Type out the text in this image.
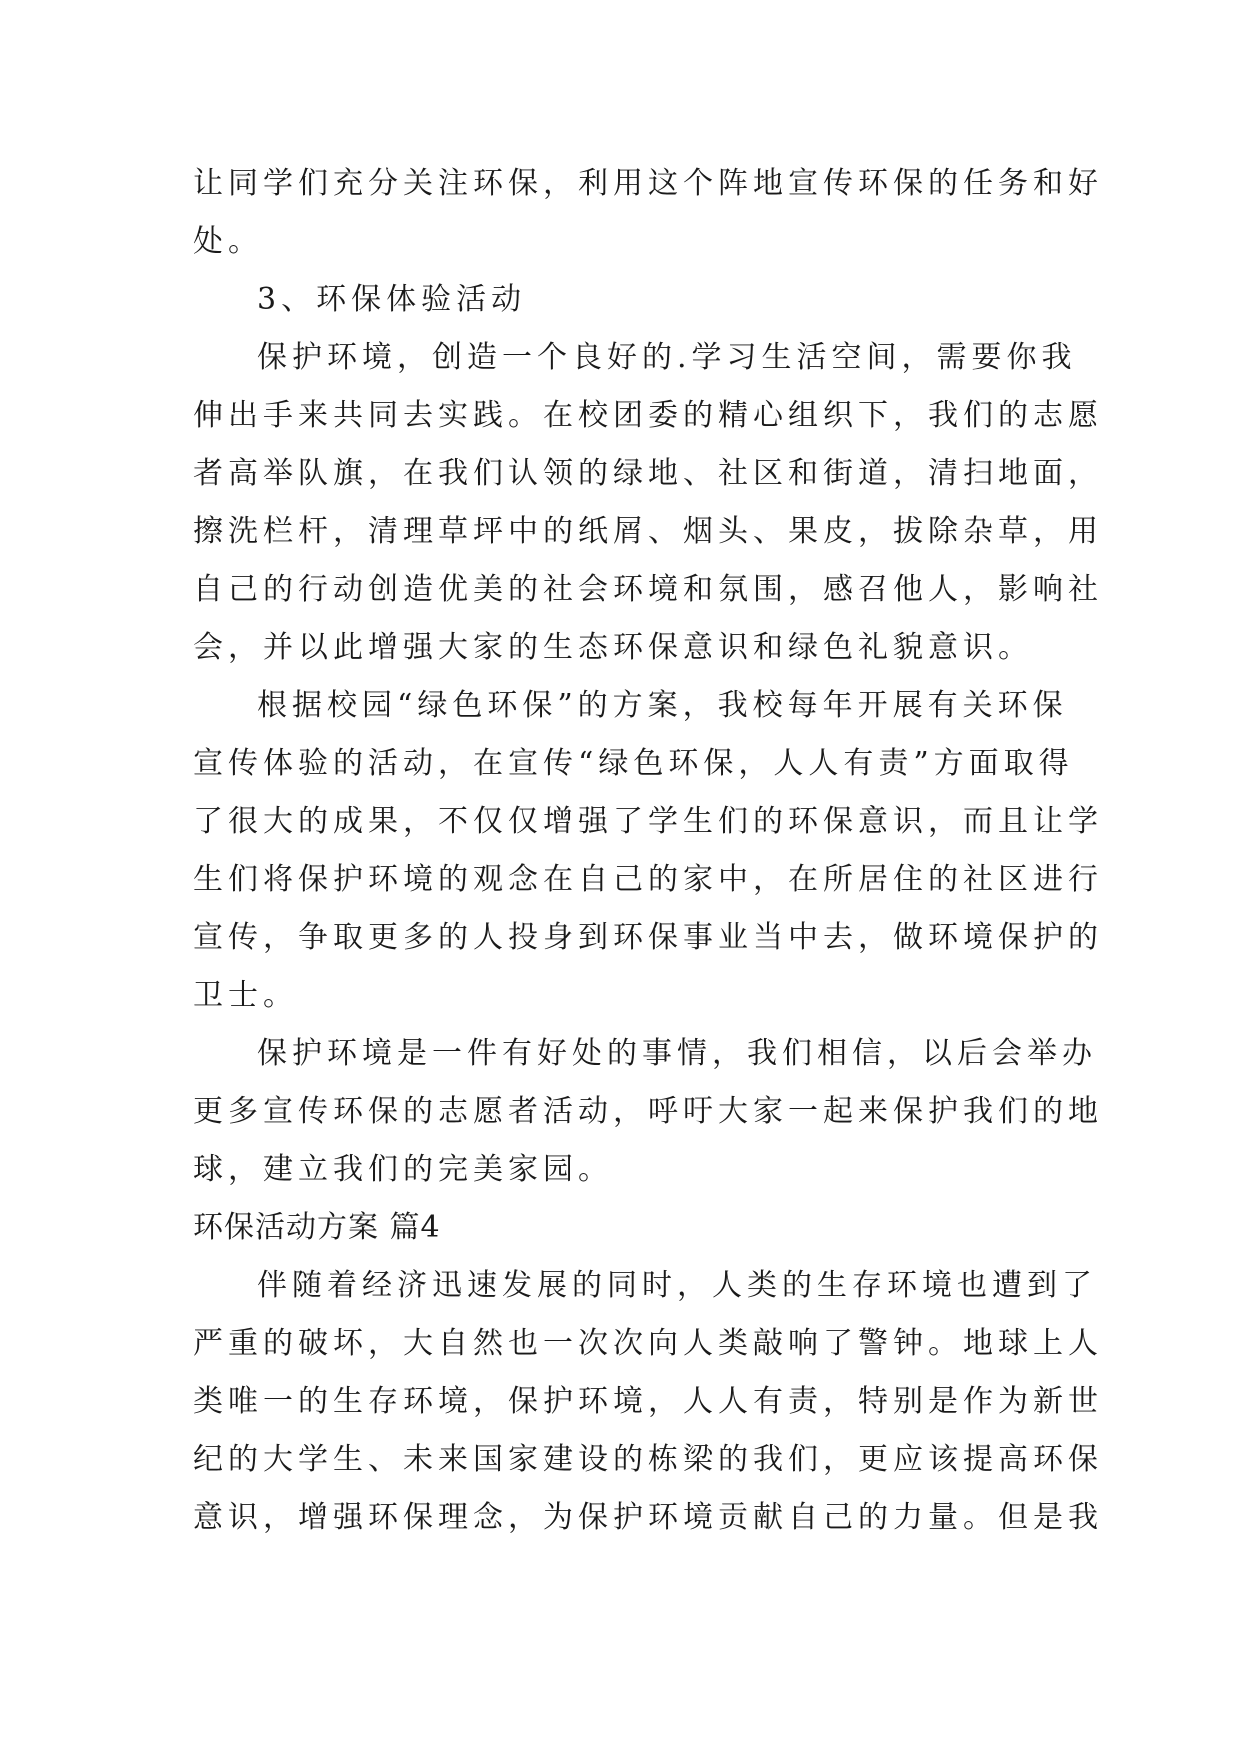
让同学们充分关注环保，利用这个阵地宣传环保的任务和好
处。
3、环保体验活动
保护环境，创造一个良好的.学习生活空间，需要你我
伸出手来共同去实践。在校团委的精心组织下，我们的志愿
者高举队旗，在我们认领的绿地、社区和街道，清扫地面，
擦洗栏杆，清理草坪中的纸屑、烟头、果皮，拔除杂草，用
自己的行动创造优美的社会环境和氛围，感召他人，影响社
会，并以此增强大家的生态环保意识和绿色礼貌意识。
根据校园“绿色环保”的方案，我校每年开展有关环保
宣传体验的活动，在宣传“绿色环保，人人有责”方面取得
了很大的成果，不仅仅增强了学生们的环保意识，而且让学
生们将保护环境的观念在自己的家中，在所居住的社区进行
宣传，争取更多的人投身到环保事业当中去，做环境保护的
卫士。
保护环境是一件有好处的事情，我们相信，以后会举办
更多宣传环保的志愿者活动，呼吁大家一起来保护我们的地
球，建立我们的完美家园。
环保活动方案 篇4
伴随着经济迅速发展的同时，人类的生存环境也遭到了
严重的破坏，大自然也一次次向人类敲响了警钟。地球上人
类唯一的生存环境，保护环境，人人有责，特别是作为新世
纪的大学生、未来国家建设的栋梁的我们，更应该提高环保
意识，增强环保理念，为保护环境贡献自己的力量。但是我
